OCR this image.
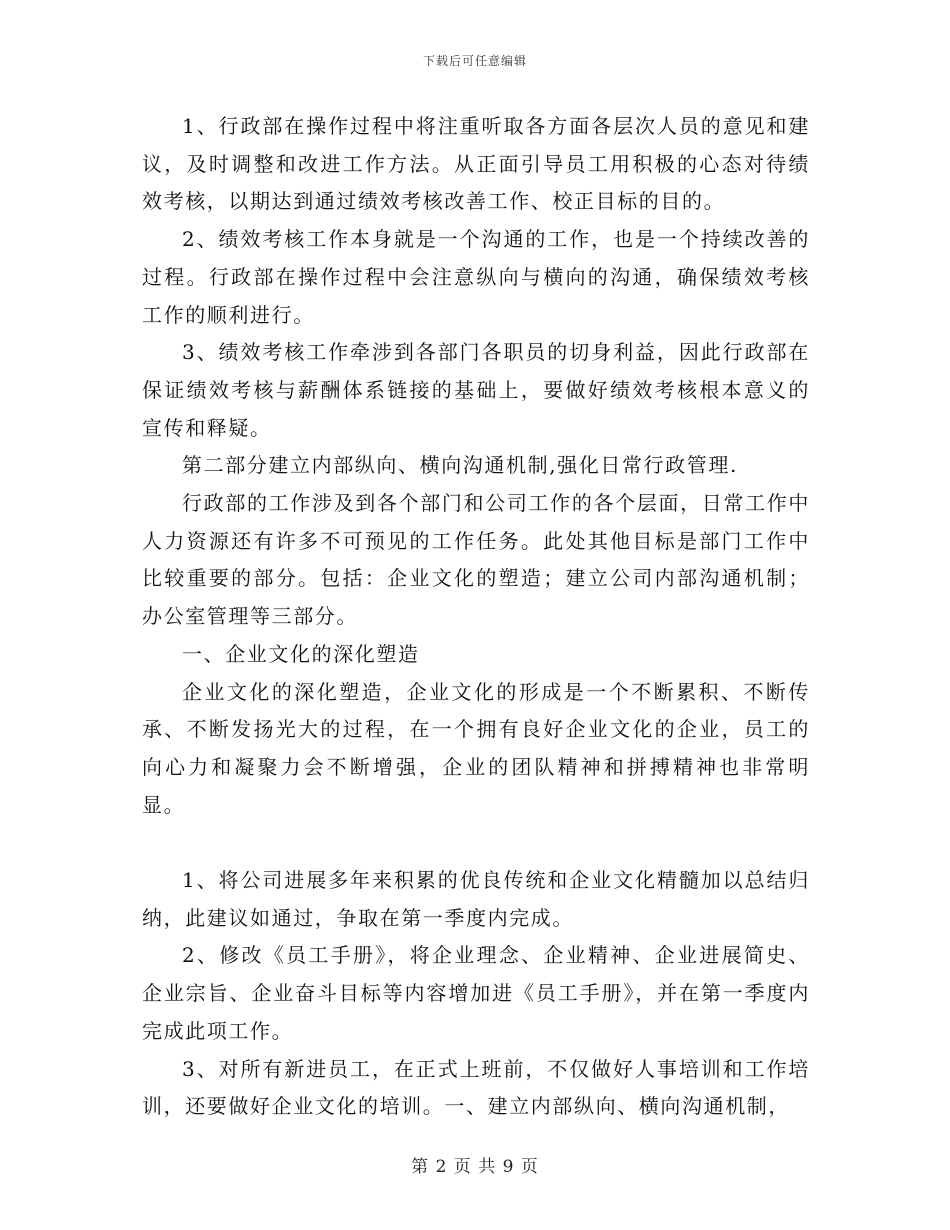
下载后可任意编辑

1、行政部在操作过程中将注重听取各方面各层次人员的意见和建议，及时调整和改进工作方法。从正面引导员工用积极的心态对待绩效考核，以期达到通过绩效考核改善工作、校正目标的目的。

2、绩效考核工作本身就是一个沟通的工作，也是一个持续改善的过程。行政部在操作过程中会注意纵向与横向的沟通，确保绩效考核工作的顺利进行。

3、绩效考核工作牵涉到各部门各职员的切身利益，因此行政部在保证绩效考核与薪酬体系链接的基础上，要做好绩效考核根本意义的宣传和释疑。

第二部分建立内部纵向、横向沟通机制,强化日常行政管理.

行政部的工作涉及到各个部门和公司工作的各个层面，日常工作中人力资源还有许多不可预见的工作任务。此处其他目标是部门工作中比较重要的部分。包括：企业文化的塑造；建立公司内部沟通机制；办公室管理等三部分。

一、企业文化的深化塑造

企业文化的深化塑造，企业文化的形成是一个不断累积、不断传承、不断发扬光大的过程，在一个拥有良好企业文化的企业，员工的向心力和凝聚力会不断增强，企业的团队精神和拼搏精神也非常明显。

1、将公司进展多年来积累的优良传统和企业文化精髓加以总结归纳，此建议如通过，争取在第一季度内完成。

2、修改《员工手册》，将企业理念、企业精神、企业进展简史、企业宗旨、企业奋斗目标等内容增加进《员工手册》，并在第一季度内完成此项工作。

3、对所有新进员工，在正式上班前，不仅做好人事培训和工作培训，还要做好企业文化的培训。一、建立内部纵向、横向沟通机制，

第 2 页 共 9 页
